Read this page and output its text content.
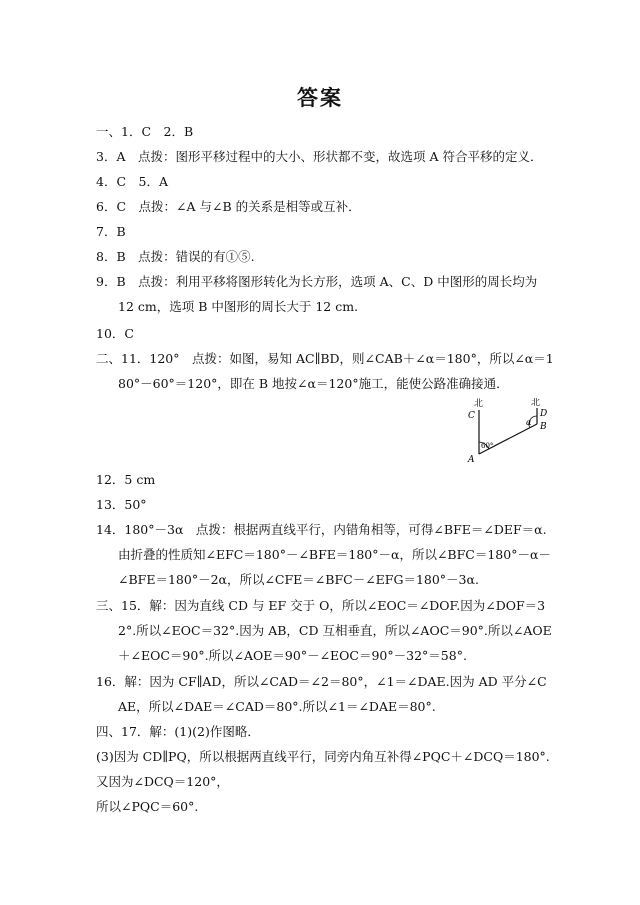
答案
一、1．C　2．B
3．A　点拨：图形平移过程中的大小、形状都不变，故选项 A 符合平移的定义．
4．C　5．A
6．C　点拨：∠A 与∠B 的关系是相等或互补．
7．B
8．B　点拨：错误的有①⑤.
9．B　点拨：利用平移将图形转化为长方形，选项 A、C、D 中图形的周长均为
12 cm，选项 B 中图形的周长大于 12 cm.
10．C
二、11．120°　点拨：如图，易知 AC∥BD，则∠CAB＋∠α＝180°，所以∠α＝1
80°－60°＝120°，即在 B 地按∠α＝120°施工，能使公路准确接通．
北	北
C	D
A
B
α
60°
12．5 cm
13．50°
14．180°－3α　点拨：根据两直线平行，内错角相等，可得∠BFE＝∠DEF＝α.
由折叠的性质知∠EFC＝180°－∠BFE＝180°－α，所以∠BFC＝180°－α－
∠BFE＝180°－2α，所以∠CFE＝∠BFC－∠EFG＝180°－3α.
三、15．解：因为直线 CD 与 EF 交于 O，所以∠EOC＝∠DOF.因为∠DOF＝3
2°.所以∠EOC＝32°.因为 AB，CD 互相垂直，所以∠AOC＝90°.所以∠AOE
＋∠EOC＝90°.所以∠AOE＝90°－∠EOC＝90°－32°＝58°.
16．解：因为 CF∥AD，所以∠CAD＝∠2＝80°，∠1＝∠DAE.因为 AD 平分∠C
AE，所以∠DAE＝∠CAD＝80°.所以∠1＝∠DAE＝80°.
四、17．解：(1)(2)作图略．
(3)因为 CD∥PQ，所以根据两直线平行，同旁内角互补得∠PQC＋∠DCQ＝180°.
又因为∠DCQ＝120°，
所以∠PQC＝60°.
